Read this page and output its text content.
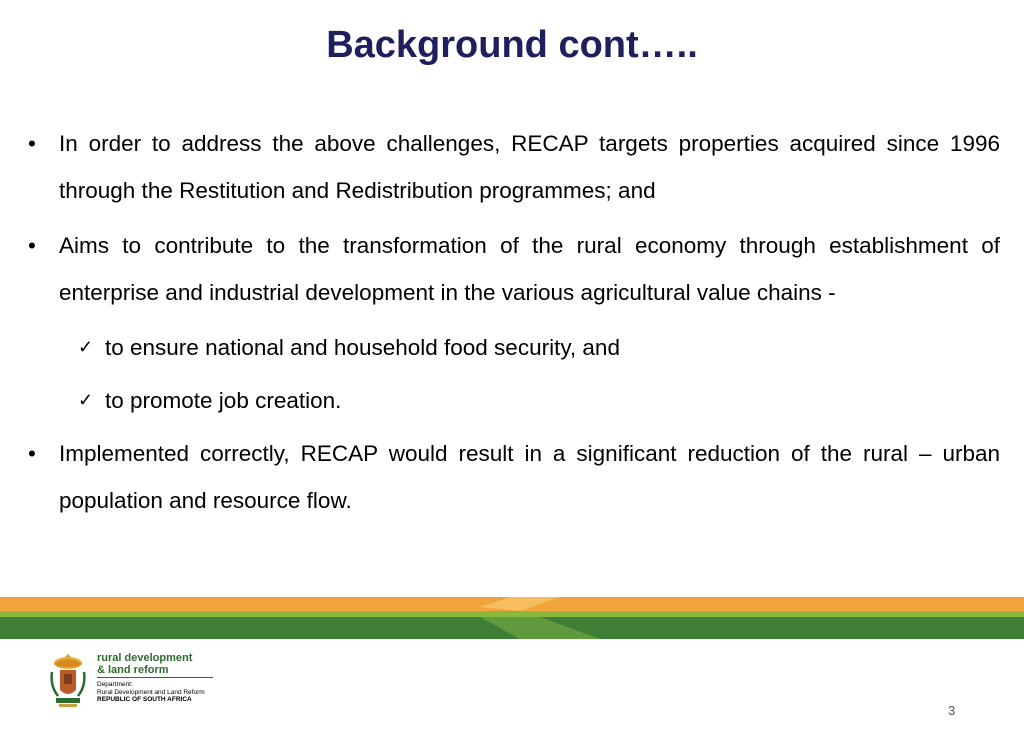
Background cont…..
• In order to address the above challenges, RECAP targets properties acquired since 1996 through the Restitution and Redistribution programmes; and
• Aims to contribute to the transformation of the rural economy through establishment of enterprise and industrial development in the various agricultural value chains -
✓ to ensure national and household food security, and
✓ to promote job creation.
• Implemented correctly, RECAP would result in a significant reduction of the rural – urban population and resource flow.
rural development
& land reform
Department:
Rural Development and Land Reform
REPUBLIC OF SOUTH AFRICA
3
